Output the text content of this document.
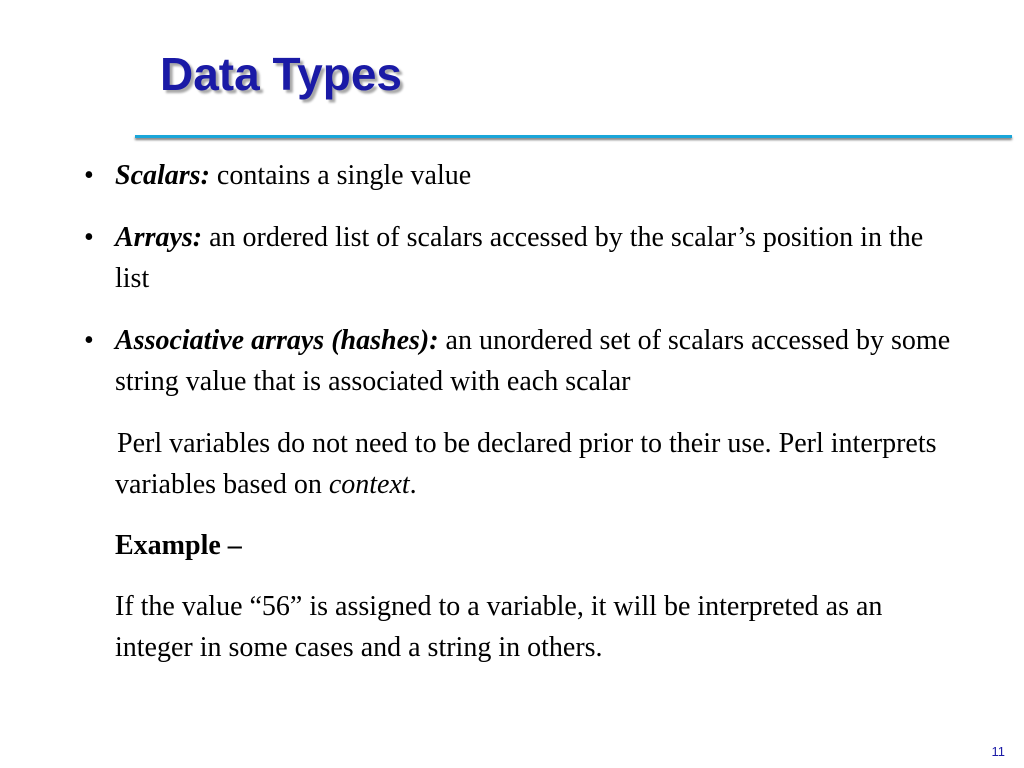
Data Types
• Scalars: contains a single value
• Arrays: an ordered list of scalars accessed by the scalar’s position in the list
• Associative arrays (hashes): an unordered set of scalars accessed by some string value that is associated with each scalar
Perl variables do not need to be declared prior to their use. Perl interprets variables based on context.
Example –
If the value “56” is assigned to a variable, it will be interpreted as an integer in some cases and a string in others.
11
